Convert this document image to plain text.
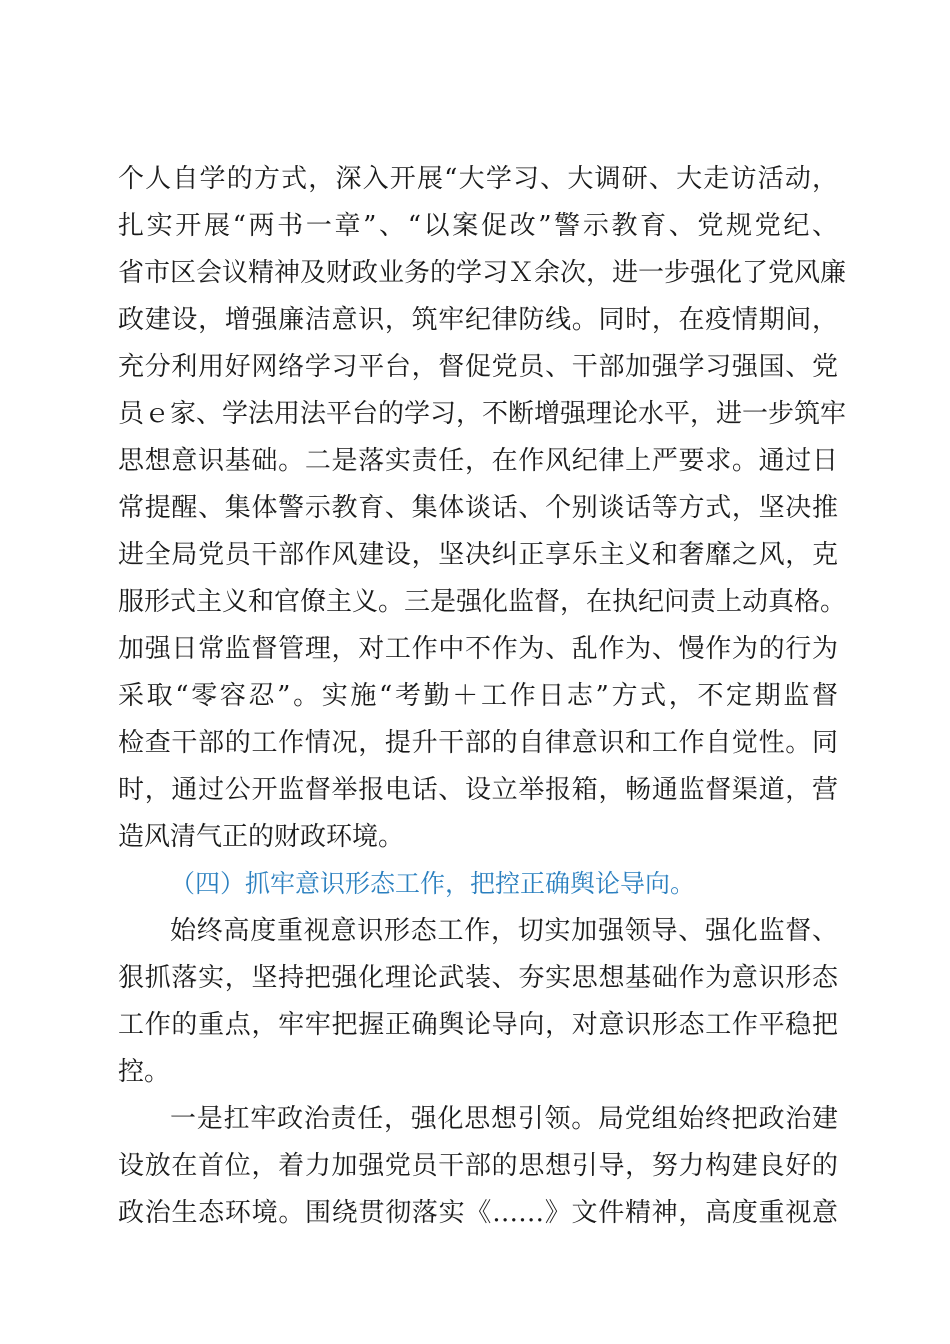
个人自学的方式，深入开展“大学习、大调研、大走访活动，
扎实开展“两书一章”、“以案促改”警示教育、党规党纪、
省市区会议精神及财政业务的学习Ｘ余次，进一步强化了党风廉
政建设，增强廉洁意识，筑牢纪律防线。同时，在疫情期间，
充分利用好网络学习平台，督促党员、干部加强学习强国、党
员ｅ家、学法用法平台的学习，不断增强理论水平，进一步筑牢
思想意识基础。二是落实责任，在作风纪律上严要求。通过日
常提醒、集体警示教育、集体谈话、个别谈话等方式，坚决推
进全局党员干部作风建设，坚决纠正享乐主义和奢靡之风，克
服形式主义和官僚主义。三是强化监督，在执纪问责上动真格。
加强日常监督管理，对工作中不作为、乱作为、慢作为的行为
采取“零容忍”。实施“考勤＋工作日志”方式，不定期监督
检查干部的工作情况，提升干部的自律意识和工作自觉性。同
时，通过公开监督举报电话、设立举报箱，畅通监督渠道，营
造风清气正的财政环境。
（四）抓牢意识形态工作，把控正确舆论导向。
始终高度重视意识形态工作，切实加强领导、强化监督、
狠抓落实，坚持把强化理论武装、夯实思想基础作为意识形态
工作的重点，牢牢把握正确舆论导向，对意识形态工作平稳把
控。
一是扛牢政治责任，强化思想引领。局党组始终把政治建
设放在首位，着力加强党员干部的思想引导，努力构建良好的
政治生态环境。围绕贯彻落实《……》文件精神，高度重视意
